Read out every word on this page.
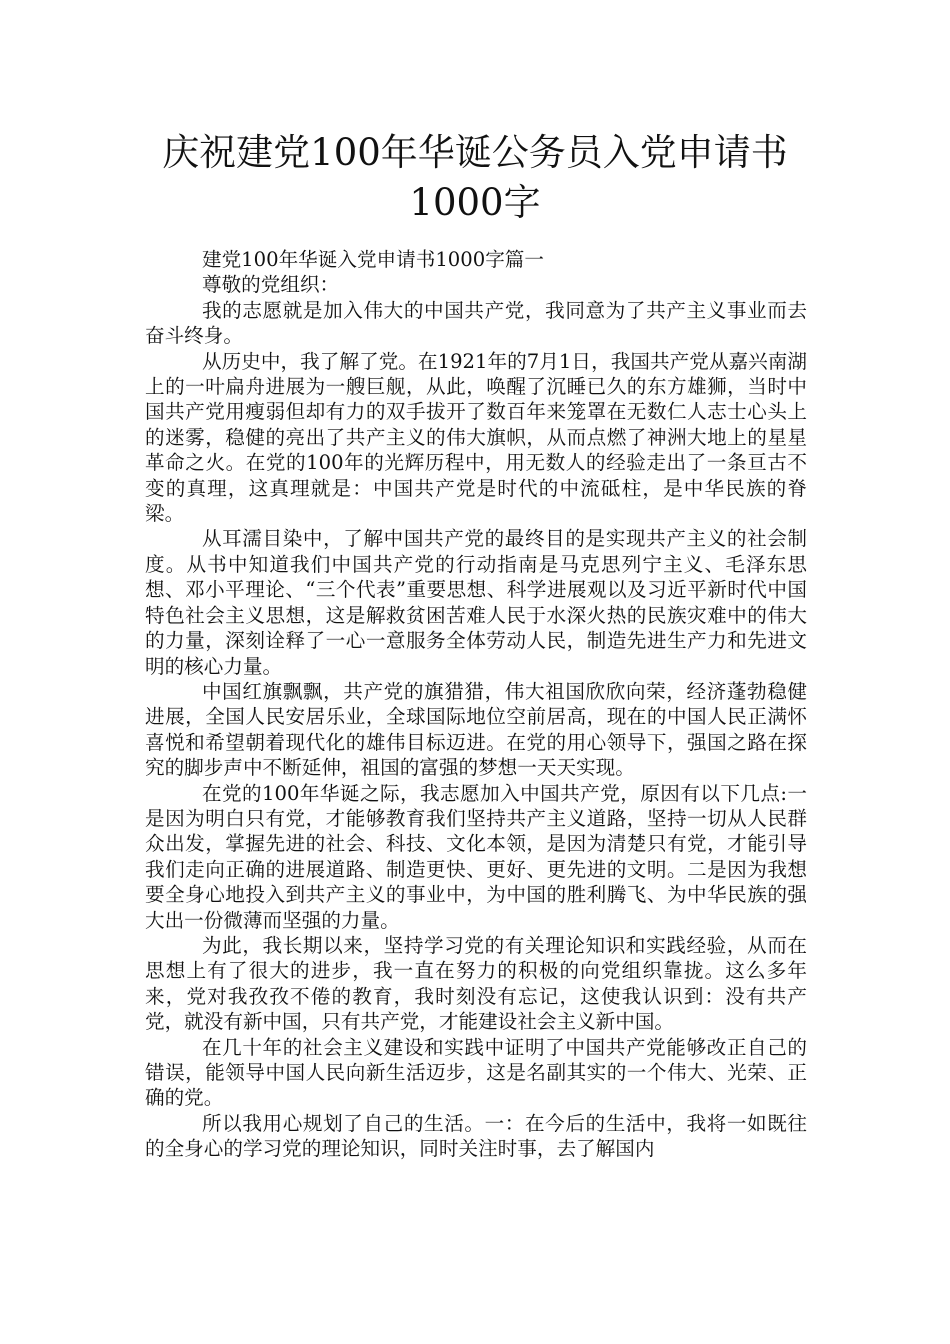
庆祝建党100年华诞公务员入党申请书
1000字

建党100年华诞入党申请书1000字篇一

尊敬的党组织：

我的志愿就是加入伟大的中国共产党，我同意为了共产主义事业而去奋斗终身。

从历史中，我了解了党。在1921年的7月1日，我国共产党从嘉兴南湖上的一叶扁舟进展为一艘巨舰，从此，唤醒了沉睡已久的东方雄狮，当时中国共产党用瘦弱但却有力的双手拔开了数百年来笼罩在无数仁人志士心头上的迷雾，稳健的亮出了共产主义的伟大旗帜，从而点燃了神洲大地上的星星革命之火。在党的100年的光辉历程中，用无数人的经验走出了一条亘古不变的真理，这真理就是：中国共产党是时代的中流砥柱，是中华民族的脊梁。

从耳濡目染中，了解中国共产党的最终目的是实现共产主义的社会制度。从书中知道我们中国共产党的行动指南是马克思列宁主义、毛泽东思想、邓小平理论、“三个代表”重要思想、科学进展观以及习近平新时代中国特色社会主义思想，这是解救贫困苦难人民于水深火热的民族灾难中的伟大的力量，深刻诠释了一心一意服务全体劳动人民，制造先进生产力和先进文明的核心力量。

中国红旗飘飘，共产党的旗猎猎，伟大祖国欣欣向荣，经济蓬勃稳健进展，全国人民安居乐业，全球国际地位空前居高，现在的中国人民正满怀喜悦和希望朝着现代化的雄伟目标迈进。在党的用心领导下，强国之路在探究的脚步声中不断延伸，祖国的富强的梦想一天天实现。

在党的100年华诞之际，我志愿加入中国共产党，原因有以下几点:一是因为明白只有党，才能够教育我们坚持共产主义道路，坚持一切从人民群众出发，掌握先进的社会、科技、文化本领，是因为清楚只有党，才能引导我们走向正确的进展道路、制造更快、更好、更先进的文明。二是因为我想要全身心地投入到共产主义的事业中，为中国的胜利腾飞、为中华民族的强大出一份微薄而坚强的力量。

为此，我长期以来，坚持学习党的有关理论知识和实践经验，从而在思想上有了很大的进步，我一直在努力的积极的向党组织靠拢。这么多年来，党对我孜孜不倦的教育，我时刻没有忘记，这使我认识到：没有共产党，就没有新中国，只有共产党，才能建设社会主义新中国。

在几十年的社会主义建设和实践中证明了中国共产党能够改正自己的错误，能领导中国人民向新生活迈步，这是名副其实的一个伟大、光荣、正确的党。

所以我用心规划了自己的生活。一：在今后的生活中，我将一如既往的全身心的学习党的理论知识，同时关注时事，去了解国内
